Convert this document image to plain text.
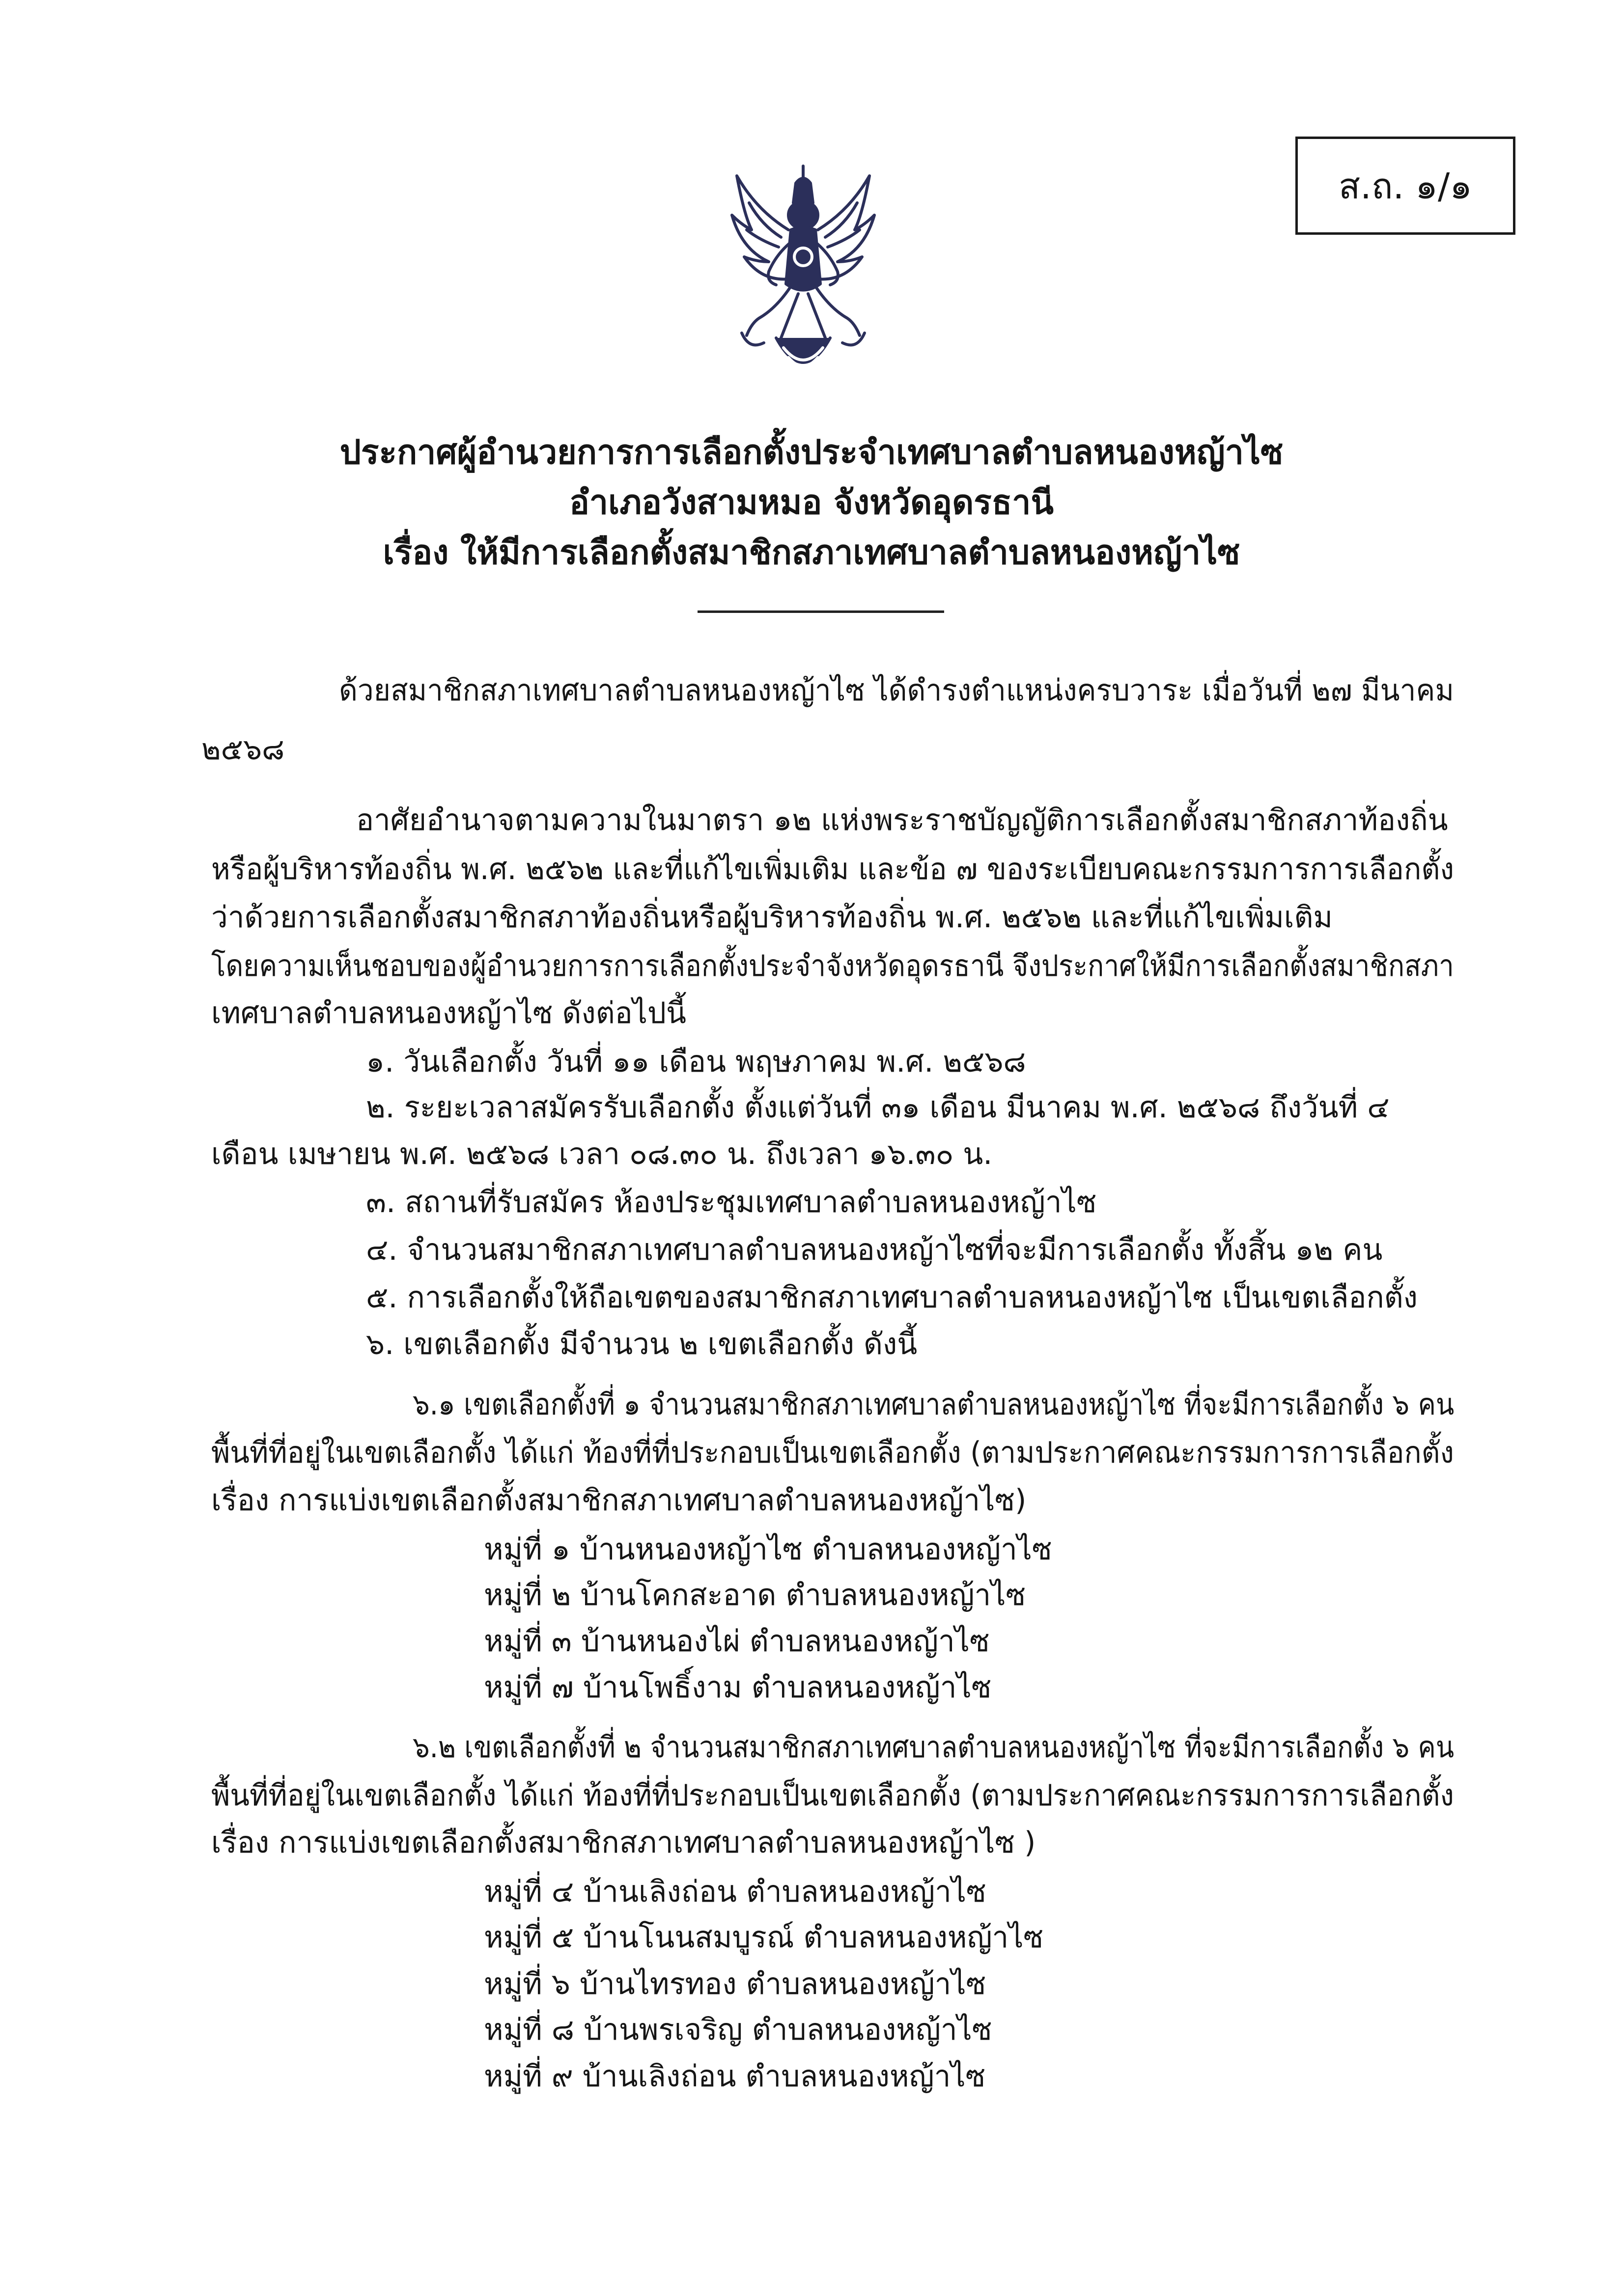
ส.ถ. ๑/๑
ประกาศผู้อำนวยการการเลือกตั้งประจำเทศบาลตำบลหนองหญ้าไซ
อำเภอวังสามหมอ จังหวัดอุดรธานี
เรื่อง ให้มีการเลือกตั้งสมาชิกสภาเทศบาลตำบลหนองหญ้าไซ
ด้วยสมาชิกสภาเทศบาลตำบลหนองหญ้าไซ ได้ดำรงตำแหน่งครบวาระ เมื่อวันที่ ๒๗ มีนาคม
๒๕๖๘
อาศัยอำนาจตามความในมาตรา ๑๒ แห่งพระราชบัญญัติการเลือกตั้งสมาชิกสภาท้องถิ่น
หรือผู้บริหารท้องถิ่น พ.ศ. ๒๕๖๒ และที่แก้ไขเพิ่มเติม และข้อ ๗ ของระเบียบคณะกรรมการการเลือกตั้ง
ว่าด้วยการเลือกตั้งสมาชิกสภาท้องถิ่นหรือผู้บริหารท้องถิ่น พ.ศ. ๒๕๖๒ และที่แก้ไขเพิ่มเติม
โดยความเห็นชอบของผู้อำนวยการการเลือกตั้งประจำจังหวัดอุดรธานี จึงประกาศให้มีการเลือกตั้งสมาชิกสภา
เทศบาลตำบลหนองหญ้าไซ ดังต่อไปนี้
๑. วันเลือกตั้ง วันที่ ๑๑ เดือน พฤษภาคม พ.ศ. ๒๕๖๘
๒. ระยะเวลาสมัครรับเลือกตั้ง ตั้งแต่วันที่ ๓๑ เดือน มีนาคม พ.ศ. ๒๕๖๘ ถึงวันที่ ๔
เดือน เมษายน พ.ศ. ๒๕๖๘ เวลา ๐๘.๓๐ น. ถึงเวลา ๑๖.๓๐ น.
๓. สถานที่รับสมัคร ห้องประชุมเทศบาลตำบลหนองหญ้าไซ
๔. จำนวนสมาชิกสภาเทศบาลตำบลหนองหญ้าไซที่จะมีการเลือกตั้ง ทั้งสิ้น ๑๒ คน
๕. การเลือกตั้งให้ถือเขตของสมาชิกสภาเทศบาลตำบลหนองหญ้าไซ เป็นเขตเลือกตั้ง
๖. เขตเลือกตั้ง มีจำนวน ๒ เขตเลือกตั้ง ดังนี้
๖.๑ เขตเลือกตั้งที่ ๑ จำนวนสมาชิกสภาเทศบาลตำบลหนองหญ้าไซ ที่จะมีการเลือกตั้ง ๖ คน
พื้นที่ที่อยู่ในเขตเลือกตั้ง ได้แก่ ท้องที่ที่ประกอบเป็นเขตเลือกตั้ง (ตามประกาศคณะกรรมการการเลือกตั้ง
เรื่อง การแบ่งเขตเลือกตั้งสมาชิกสภาเทศบาลตำบลหนองหญ้าไซ)
หมู่ที่ ๑ บ้านหนองหญ้าไซ ตำบลหนองหญ้าไซ
หมู่ที่ ๒ บ้านโคกสะอาด ตำบลหนองหญ้าไซ
หมู่ที่ ๓ บ้านหนองไผ่ ตำบลหนองหญ้าไซ
หมู่ที่ ๗ บ้านโพธิ์งาม ตำบลหนองหญ้าไซ
๖.๒ เขตเลือกตั้งที่ ๒ จำนวนสมาชิกสภาเทศบาลตำบลหนองหญ้าไซ ที่จะมีการเลือกตั้ง ๖ คน
พื้นที่ที่อยู่ในเขตเลือกตั้ง ได้แก่ ท้องที่ที่ประกอบเป็นเขตเลือกตั้ง (ตามประกาศคณะกรรมการการเลือกตั้ง
เรื่อง การแบ่งเขตเลือกตั้งสมาชิกสภาเทศบาลตำบลหนองหญ้าไซ )
หมู่ที่ ๔ บ้านเลิงถ่อน ตำบลหนองหญ้าไซ
หมู่ที่ ๕ บ้านโนนสมบูรณ์ ตำบลหนองหญ้าไซ
หมู่ที่ ๖ บ้านไทรทอง ตำบลหนองหญ้าไซ
หมู่ที่ ๘ บ้านพรเจริญ ตำบลหนองหญ้าไซ
หมู่ที่ ๙ บ้านเลิงถ่อน ตำบลหนองหญ้าไซ
